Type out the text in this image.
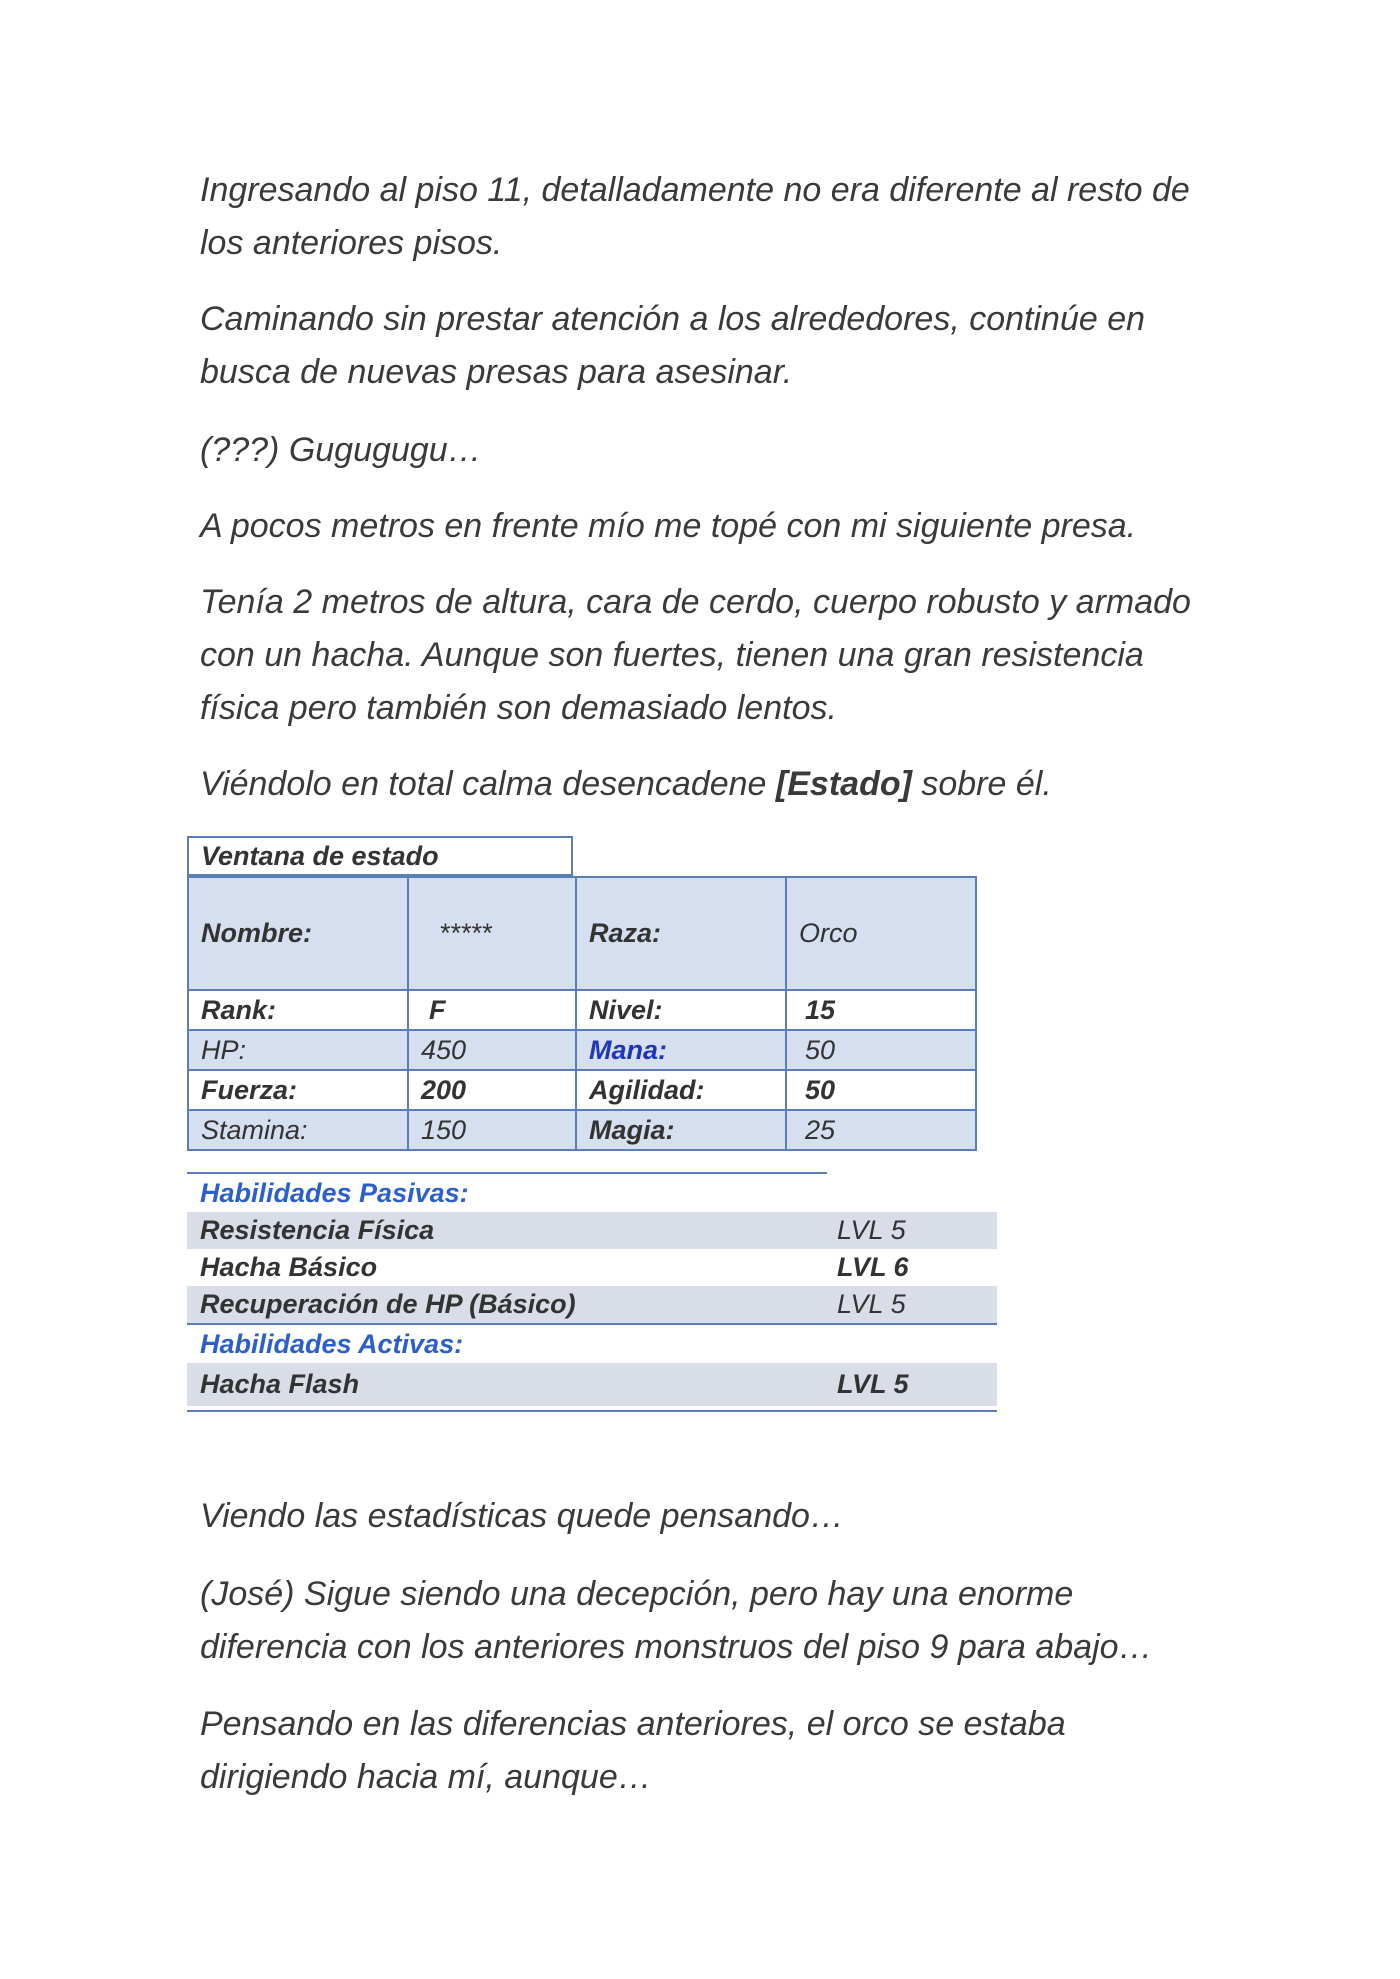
Ingresando al piso 11, detalladamente no era diferente al resto de los anteriores pisos.

Caminando sin prestar atención a los alrededores, continúe en busca de nuevas presas para asesinar.

(???) Gugugugu…

A pocos metros en frente mío me topé con mi siguiente presa.

Tenía 2 metros de altura, cara de cerdo, cuerpo robusto y armado con un hacha. Aunque son fuertes, tienen una gran resistencia física pero también son demasiado lentos.

Viéndolo en total calma desencadene [Estado] sobre él.

Ventana de estado
Nombre:	*****	Raza:	Orco
Rank:	F	Nivel:	15
HP:	450	Mana:	50
Fuerza:	200	Agilidad:	50
Stamina:	150	Magia:	25
Habilidades Pasivas:
Resistencia Física	LVL 5
Hacha Básico	LVL 6
Recuperación de HP (Básico)	LVL 5
Habilidades Activas:
Hacha Flash	LVL 5

Viendo las estadísticas quede pensando…

(José) Sigue siendo una decepción, pero hay una enorme diferencia con los anteriores monstruos del piso 9 para abajo…

Pensando en las diferencias anteriores, el orco se estaba dirigiendo hacia mí, aunque…
